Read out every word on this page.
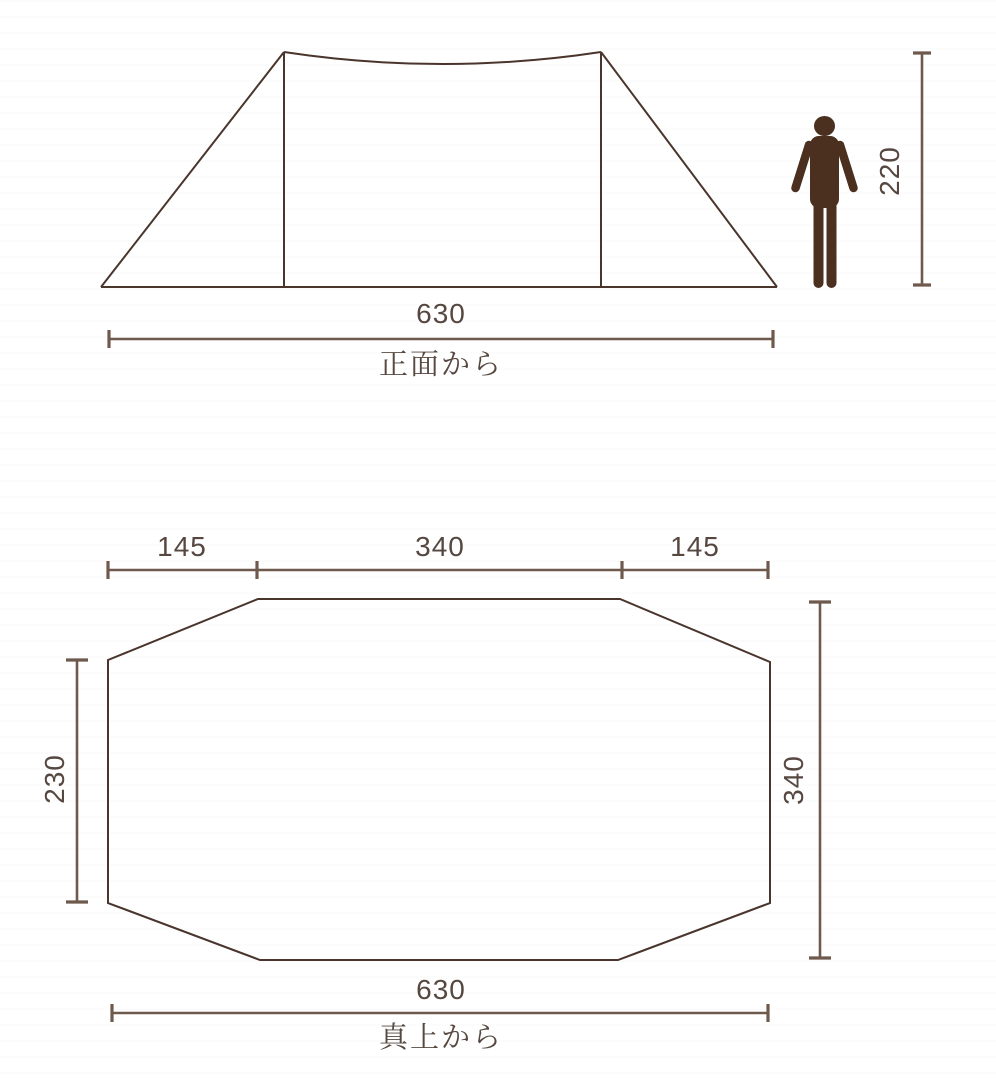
630
正面から
220
145	340	145
230	340
630
真上から
